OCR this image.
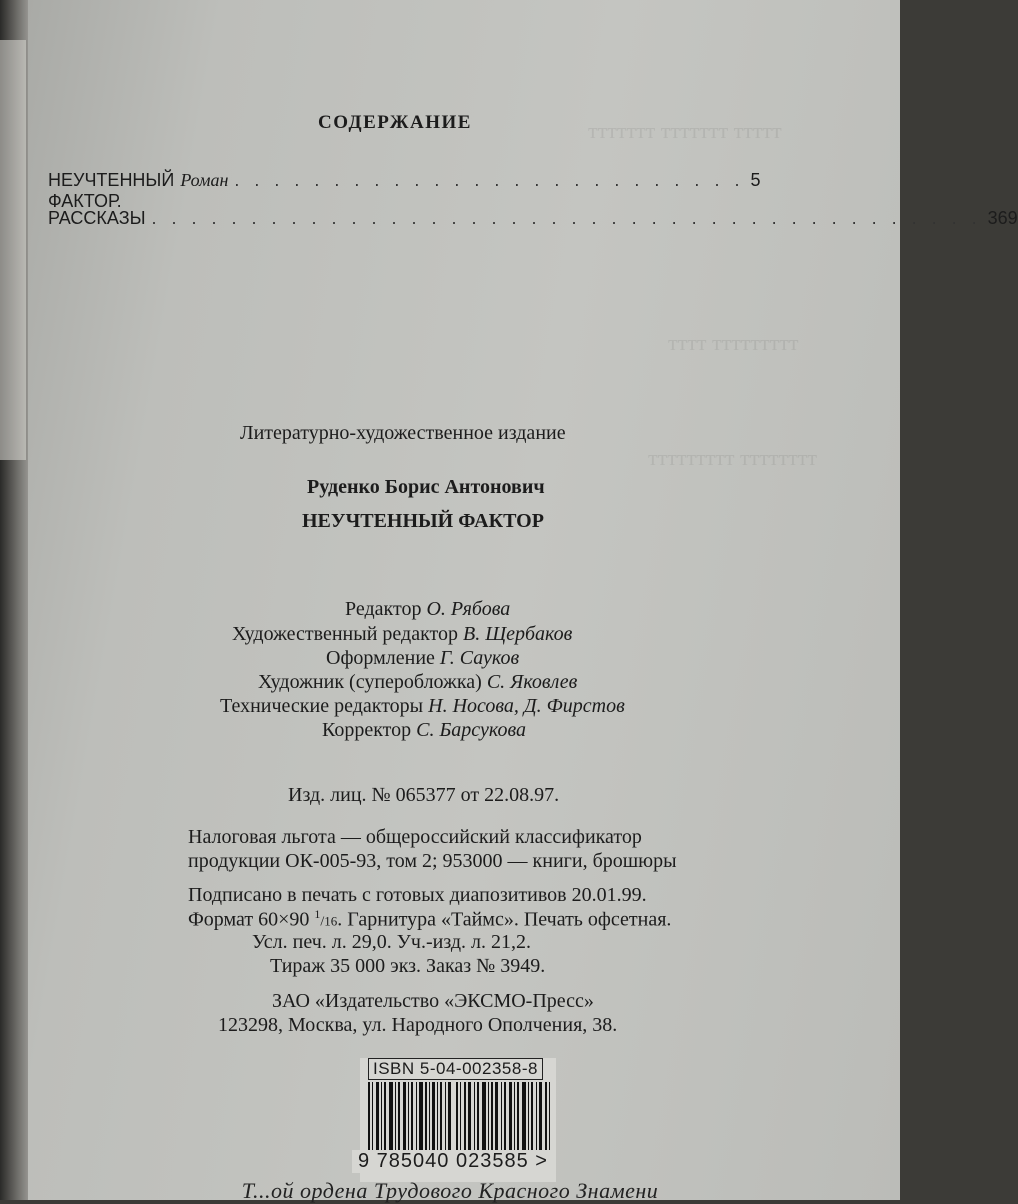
ттттт ттттттт ттттттт
ттттттттт тттт
тттттттт ттттттттт
СОДЕРЖАНИЕ
НЕУЧТЕННЫЙ ФАКТОР.
Роман . . . . . . . . . . . . . . . . . . . . . . . . . . 5
РАССКАЗЫ . . . . . . . . . . . . . . . . . . . . . . . . . . . . . . . . . . . . . . . . . . 369
Литературно-художественное издание
Руденко Борис Антонович
НЕУЧТЕННЫЙ ФАКТОР
Редактор О. Рябова
Художественный редактор В. Щербаков
Оформление Г. Сауков
Художник (суперобложка) С. Яковлев
Технические редакторы Н. Носова, Д. Фирстов
Корректор С. Барсукова
Изд. лиц. № 065377 от 22.08.97.
Налоговая льгота — общероссийский классификатор
продукции ОК-005-93, том 2; 953000 — книги, брошюры
Подписано в печать с готовых диапозитивов 20.01.99.
Формат 60×90 $^1$/16. Гарнитура «Таймс». Печать офсетная.
Усл. печ. л. 29,0. Уч.-изд. л. 21,2.
Тираж 35 000 экз. Заказ № 3949.
ЗАО «Издательство «ЭКСМО-Пресс»
123298, Москва, ул. Народного Ополчения, 38.
ISBN 5-04-002358-8
9 785040 023585 >
Т...ой ордена Трудового Красного Знамени
